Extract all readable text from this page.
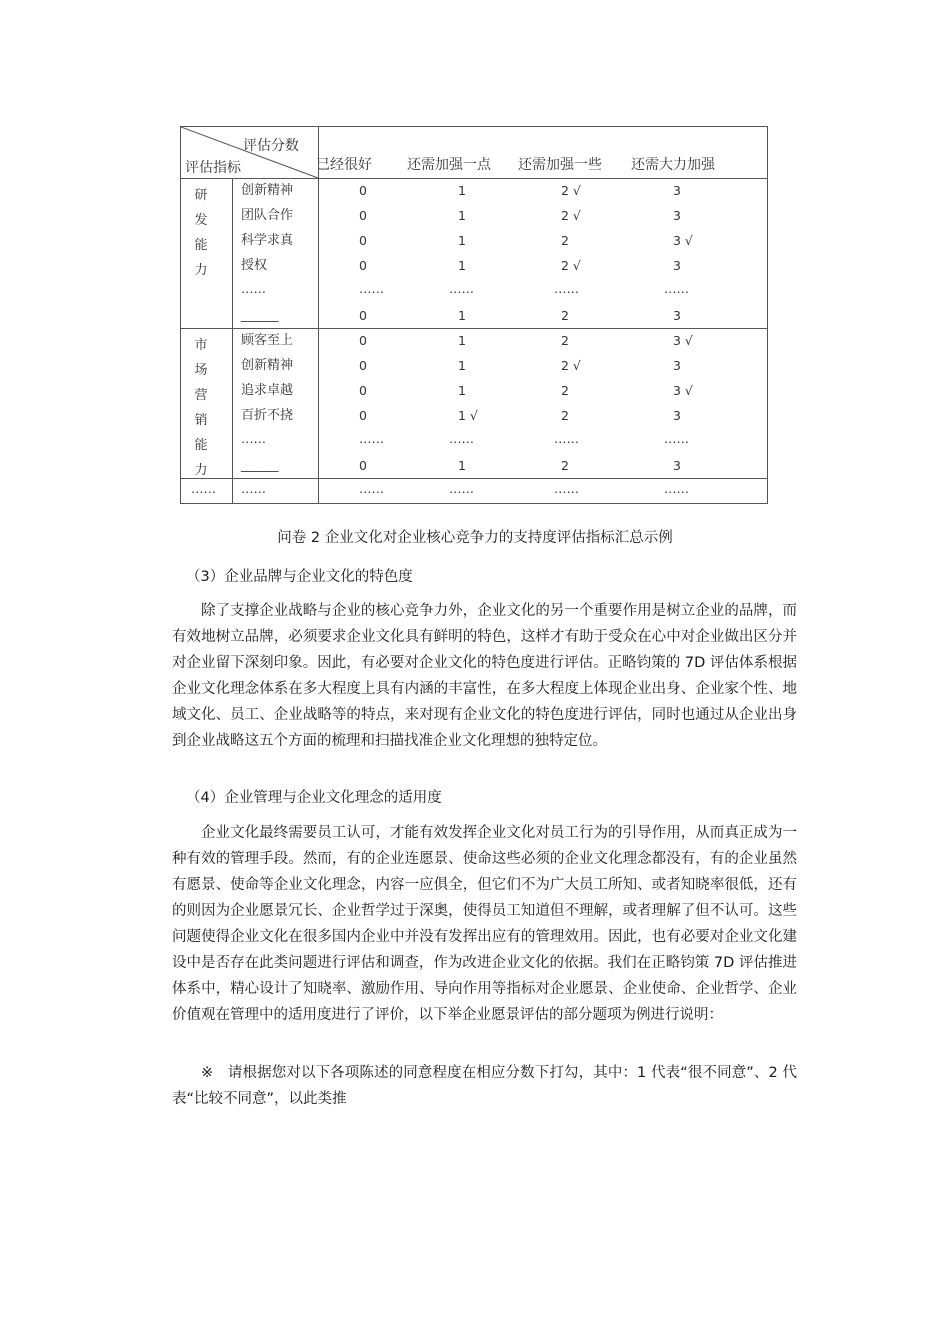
评估分数
评估指标	已经很好	还需加强一点 还需加强一些 还需大力加强
研
发
能
力
创新精神	0	1	2 √	3
团队合作	0	1	2 √	3
科学求真	0	1	2	3 √
授权	0	1	2 √	3
……	……	……	……	……
______	0	1	2	3
市
场
营
销
能
力
顾客至上	0	1	2	3 √
创新精神	0	1	2 √	3
追求卓越	0	1	2	3 √
百折不挠	0	1 √	2	3
……	……	……	……	……
______	0	1	2	3
…… ……	……	……	……	……
问卷 2 企业文化对企业核心竞争力的支持度评估指标汇总示例
（3）企业品牌与企业文化的特色度
除了支撑企业战略与企业的核心竞争力外，企业文化的另一个重要作用是树立企业的品牌，而有效地树立品牌，必须要求企业文化具有鲜明的特色，这样才有助于受众在心中对企业做出区分并对企业留下深刻印象。因此，有必要对企业文化的特色度进行评估。正略钧策的 7D 评估体系根据企业文化理念体系在多大程度上具有内涵的丰富性，在多大程度上体现企业出身、企业家个性、地域文化、员工、企业战略等的特点，来对现有企业文化的特色度进行评估，同时也通过从企业出身到企业战略这五个方面的梳理和扫描找准企业文化理想的独特定位。
（4）企业管理与企业文化理念的适用度
企业文化最终需要员工认可，才能有效发挥企业文化对员工行为的引导作用，从而真正成为一种有效的管理手段。然而，有的企业连愿景、使命这些必须的企业文化理念都没有，有的企业虽然有愿景、使命等企业文化理念，内容一应俱全，但它们不为广大员工所知、或者知晓率很低，还有的则因为企业愿景冗长、企业哲学过于深奥，使得员工知道但不理解，或者理解了但不认可。这些问题使得企业文化在很多国内企业中并没有发挥出应有的管理效用。因此，也有必要对企业文化建设中是否存在此类问题进行评估和调查，作为改进企业文化的依据。我们在正略钧策 7D 评估推进体系中，精心设计了知晓率、激励作用、导向作用等指标对企业愿景、企业使命、企业哲学、企业价值观在管理中的适用度进行了评价，以下举企业愿景评估的部分题项为例进行说明：
※　请根据您对以下各项陈述的同意程度在相应分数下打勾，其中：1 代表“很不同意”、2 代表“比较不同意”，以此类推
